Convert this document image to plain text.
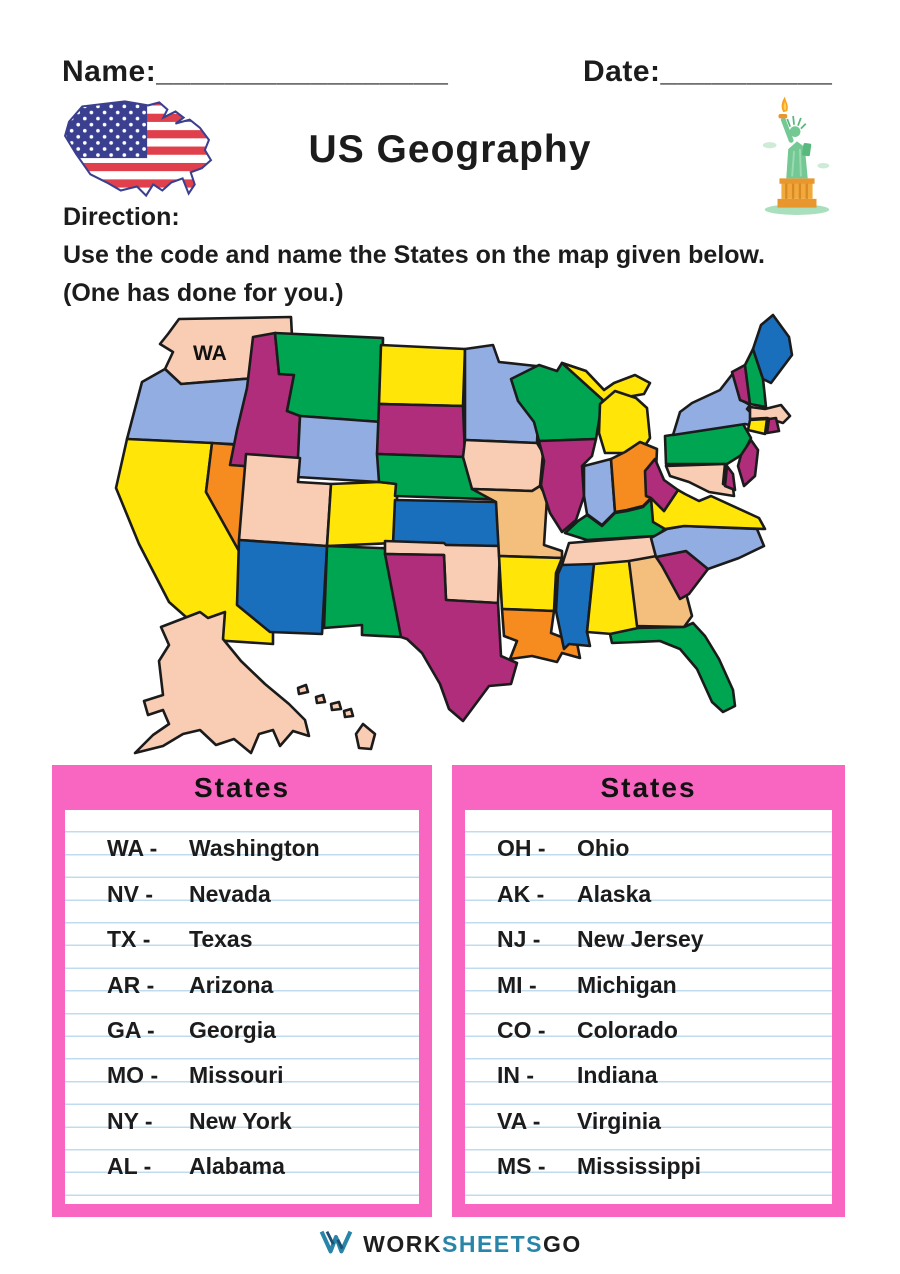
Name:_________________	Date:__________
US Geography
Direction:
Use the code and name the States on the map given below.
(One has done for you.)
WA
States
WA -	Washington
NV -	Nevada
TX -	Texas
AR -	Arizona
GA -	Georgia
MO -	Missouri
NY -	New York
AL -	Alabama
States
OH -	Ohio
AK -	Alaska
NJ -	New Jersey
MI -	Michigan
CO -	Colorado
IN -	Indiana
VA -	Virginia
MS -	Mississippi
WORKSHEETSGO
